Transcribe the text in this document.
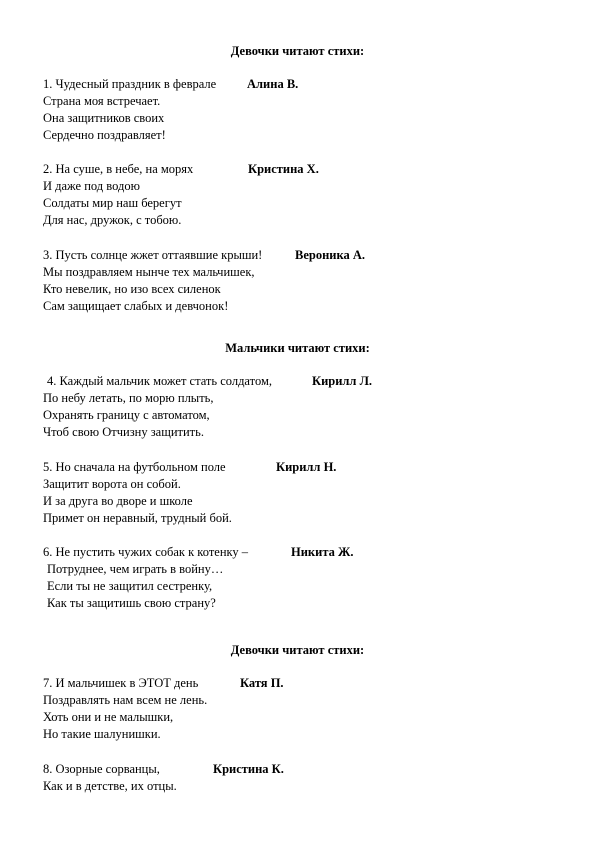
Девочки читают стихи:
1. Чудесный праздник в феврале Алина В.
Страна моя встречает.
Она защитников своих
Сердечно поздравляет!
2. На суше, в небе, на морях	Кристина Х.
И даже под водою
Солдаты мир наш берегут
Для нас, дружок, с тобою.
3. Пусть солнце жжет оттаявшие крыши!	Вероника А.
Мы поздравляем нынче тех мальчишек,
Кто невелик, но изо всех силенок
Сам защищает слабых и девчонок!
Мальчики читают стихи:
4. Каждый мальчик может стать солдатом,	Кирилл Л.
По небу летать, по морю плыть,
Охранять границу с автоматом,
Чтоб свою Отчизну защитить.
5. Но сначала на футбольном поле	Кирилл Н.
Защитит ворота он собой.
И за друга во дворе и школе
Примет он неравный, трудный бой.
6. Не пустить чужих собак к котенку –	Никита Ж.
Потруднее, чем играть в войну…
Если ты не защитил сестренку,
Как ты защитишь свою страну?
Девочки читают стихи:
7. И мальчишек в ЭТОТ день	Катя П.
Поздравлять нам всем не лень.
Хоть они и не малышки,
Но такие шалунишки.
8. Озорные сорванцы,	Кристина К.
Как и в детстве, их отцы.
